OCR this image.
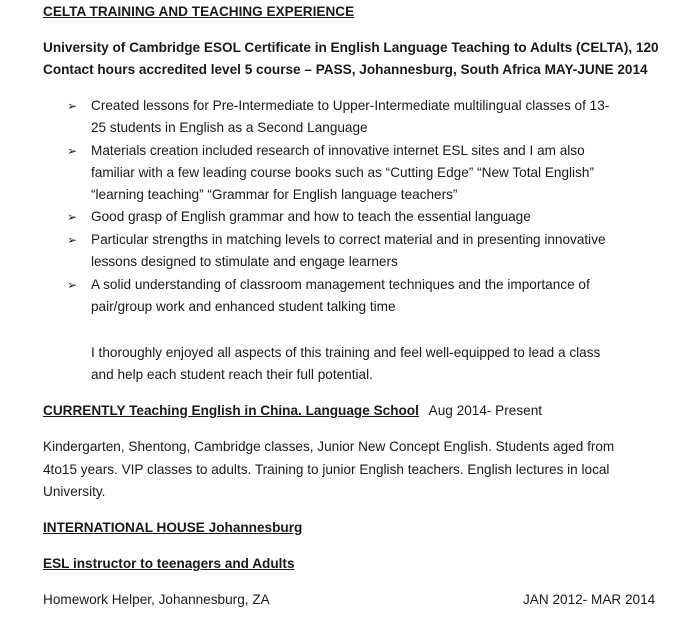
CELTA TRAINING AND TEACHING EXPERIENCE
University of Cambridge ESOL Certificate in English Language Teaching to Adults (CELTA), 120
Contact hours accredited level 5 course – PASS, Johannesburg, South Africa MAY-JUNE 2014
➢ Created lessons for Pre-Intermediate to Upper-Intermediate multilingual classes of 13-
25 students in English as a Second Language
➢ Materials creation included research of innovative internet ESL sites and I am also
familiar with a few leading course books such as “Cutting Edge” “New Total English”
“learning teaching” “Grammar for English language teachers”
➢ Good grasp of English grammar and how to teach the essential language
➢ Particular strengths in matching levels to correct material and in presenting innovative
lessons designed to stimulate and engage learners
➢ A solid understanding of classroom management techniques and the importance of
pair/group work and enhanced student talking time
I thoroughly enjoyed all aspects of this training and feel well-equipped to lead a class
and help each student reach their full potential.
CURRENTLY Teaching English in China. Language School Aug 2014- Present
Kindergarten, Shentong, Cambridge classes, Junior New Concept English. Students aged from
4to15 years. VIP classes to adults. Training to junior English teachers. English lectures in local
University.
INTERNATIONAL HOUSE Johannesburg
ESL instructor to teenagers and Adults
Homework Helper, Johannesburg, ZA	JAN 2012- MAR 2014
